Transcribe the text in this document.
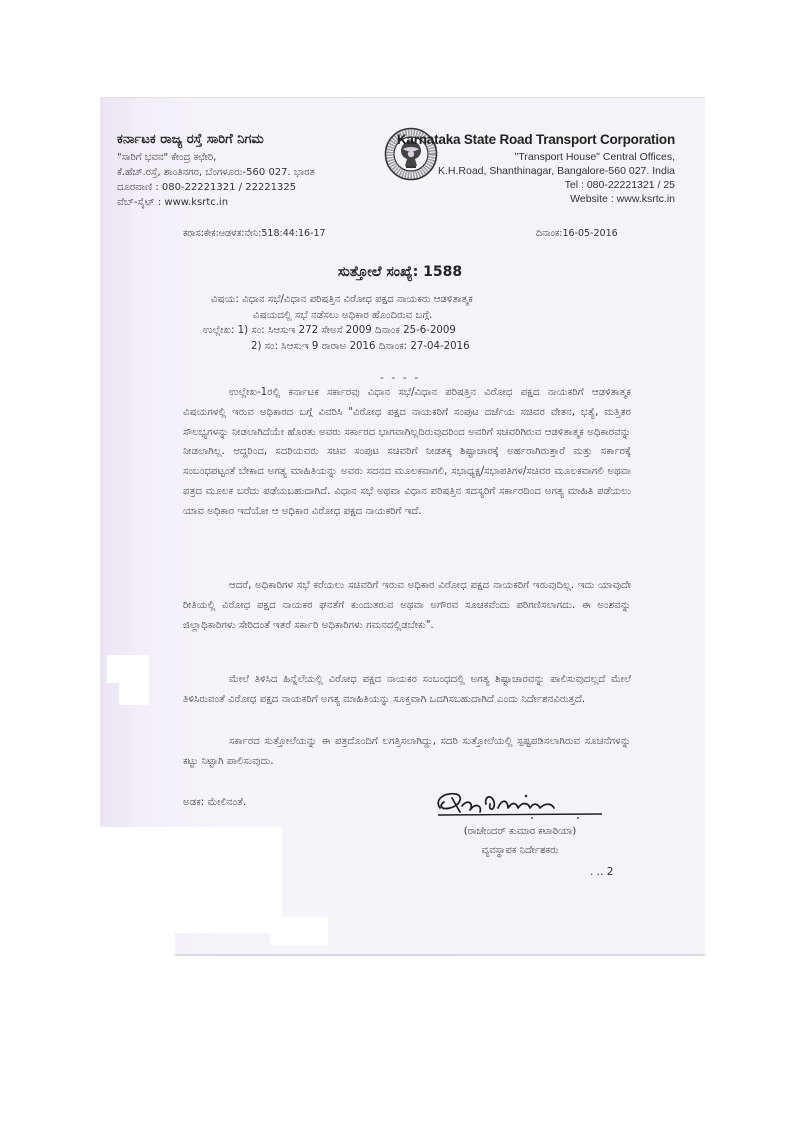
ಕರ್ನಾಟಕ ರಾಜ್ಯ ರಸ್ತೆ ಸಾರಿಗೆ ನಿಗಮ
"ಸಾರಿಗೆ ಭವನ" ಕೇಂದ್ರ ಕಛೇರಿ,
ಕೆ.ಹೆಚ್.ರಸ್ತೆ, ಶಾಂತಿನಗರ, ಬೆಂಗಳೂರು-560 027. ಭಾರತ
ದೂರವಾಣಿ : 080-22221321 / 22221325
ವೆಬ್-ಸೈಟ್ : www.ksrtc.in
Karnataka State Road Transport Corporation
"Transport House" Central Offices,
K.H.Road, Shanthinagar, Bangalore-560 027. India
Tel : 080-22221321 / 25
Website : www.ksrtc.in
ಕರಾಸ:ಕೇಕ:ಆಡಳತ:ನೇನಿ:518:44:16-17	ದಿನಾಂಕ:16-05-2016
ಸುತ್ತೋಲೆ ಸಂಖ್ಯೆ: 1588
ವಿಷಯ: ವಿಧಾನ ಸಭೆ/ವಿಧಾನ ಪರಿಷತ್ತಿನ ವಿರೋಧ ಪಕ್ಷದ ನಾಯಕರು ಆಡಳಿತಾತ್ಮಕ
ವಿಷಯದಲ್ಲಿ ಸಭೆ ನಡೆಸಲು ಅಧಿಕಾರ ಹೊಂದಿರುವ ಬಗ್ಗೆ.
ಉಲ್ಲೇಖ: 1) ಸಂ: ಸಿಆಸುಇ 272 ಸೇಅಸೆ 2009 ದಿನಾಂಕ 25-6-2009
2) ಸಂ: ಸಿಆಸುಇ 9 ರಾರಾಅ 2016 ದಿನಾಂಕ: 27-04-2016
- - - -
ಉಲ್ಲೇಖ-1ರಲ್ಲಿ ಕರ್ನಾಟಕ ಸರ್ಕಾರವು ವಿಧಾನ ಸಭೆ/ವಿಧಾನ ಪರಿಷತ್ತಿನ ವಿರೋಧ ಪಕ್ಷದ ನಾಯಕರಿಗೆ ಆಡಳಿತಾತ್ಮಕ ವಿಷಯಗಳಲ್ಲಿ ಇರುವ ಅಧಿಕಾರದ ಬಗ್ಗೆ ವಿವರಿಸಿ "ವಿರೋಧ ಪಕ್ಷದ ನಾಯಕರಿಗೆ ಸಂಪುಟ ದರ್ಜೆಯ ಸಚಿವರ ವೇತನ, ಭತ್ಯೆ, ಮತ್ತಿತರ ಸೌಲಭ್ಯಗಳನ್ನು ನೀಡಲಾಗಿದೆಯೇ ಹೊರತು ಅವರು ಸರ್ಕಾರದ ಭಾಗವಾಗಿಲ್ಲದಿರುವುದರಿಂದ ಅವರಿಗೆ ಸಚಿವರಿಗಿರುವ ಆಡಳಿತಾತ್ಮಕ ಅಧಿಕಾರವನ್ನು ನೀಡಲಾಗಿಲ್ಲ. ಆದ್ದರಿಂದ, ಸದರಿಯವರು ಸಚಿವ ಸಂಪುಟ ಸಚಿವರಿಗೆ ನೀಡತಕ್ಕ ಶಿಷ್ಟಾಚಾರಕ್ಕೆ ಅರ್ಹರಾಗಿರುತ್ತಾರೆ ಮತ್ತು ಸರ್ಕಾರಕ್ಕೆ ಸಂಬಂಧಪಟ್ಟಂತೆ ಬೇಕಾದ ಅಗತ್ಯ ಮಾಹಿತಿಯನ್ನು ಅವರು ಸದನದ ಮೂಲಕವಾಗಲಿ, ಸಭಾಧ್ಯಕ್ಷ/ಸಭಾಪತಿಗಳ/ಸಚಿವರ ಮೂಲಕವಾಗಲಿ ಅಥವಾ ಪತ್ರದ ಮೂಲಕ ಬರೆದು ಪಡೆಯಬಹುದಾಗಿದೆ. ವಿಧಾನ ಸಭೆ ಅಥವಾ ವಿಧಾನ ಪರಿಷತ್ತಿನ ಸದಸ್ಯರಿಗೆ ಸರ್ಕಾರದಿಂದ ಅಗತ್ಯ ಮಾಹಿತಿ ಪಡೆಯಲು ಯಾವ ಅಧಿಕಾರ ಇದೆಯೋ ಆ ಅಧಿಕಾರ ವಿರೋಧ ಪಕ್ಷದ ನಾಯಕರಿಗೆ ಇದೆ.
ಆದರೆ, ಅಧಿಕಾರಿಗಳ ಸಭೆ ಕರೆಯಲು ಸಚಿವರಿಗೆ ಇರುವ ಅಧಿಕಾರ ವಿರೋಧ ಪಕ್ಷದ ನಾಯಕರಿಗೆ ಇರುವುದಿಲ್ಲ. ಇದು ಯಾವುದೇ ರೀತಿಯಲ್ಲಿ ವಿರೋಧ ಪಕ್ಷದ ನಾಯಕರ ಘನತೆಗೆ ಕುಂದುತರುವ ಅಥವಾ ಅಗೌರವ ಸೂಚಕವೆಂದು ಪರಿಗಣಿಸಲಾಗದು. ಈ ಅಂಶವನ್ನು ಜಿಲ್ಲಾಧಿಕಾರಿಗಳು ಸೇರಿದಂತೆ ಇತರೆ ಸರ್ಕಾರಿ ಅಧಿಕಾರಿಗಳು ಗಮನದಲ್ಲಿಡಬೇಕು".
ಮೇಲೆ ತಿಳಿಸಿದ ಹಿನ್ನೆಲೆಯಲ್ಲಿ ವಿರೋಧ ಪಕ್ಷದ ನಾಯಕರ ಸಂಬಂಧದಲ್ಲಿ ಅಗತ್ಯ ಶಿಷ್ಟಾಚಾರವನ್ನು ಪಾಲಿಸುವುದಲ್ಲದೆ ಮೇಲೆ ತಿಳಿಸಿರುವಂತೆ ವಿರೋಧ ಪಕ್ಷದ ನಾಯಕರಿಗೆ ಅಗತ್ಯ ಮಾಹಿತಿಯನ್ನು ಸೂಕ್ತವಾಗಿ ಒದಗಿಸಬಹುದಾಗಿದೆ ಎಂದು ನಿರ್ದೇಶನವಿರುತ್ತದೆ.
ಸರ್ಕಾರದ ಸುತ್ತೋಲೆಯನ್ನು ಈ ಪತ್ರದೊಂದಿಗೆ ಲಗತ್ತಿಸಲಾಗಿದ್ದು, ಸದರಿ ಸುತ್ತೋಲೆಯಲ್ಲಿ ಸ್ಪಷ್ಟಪಡಿಸಲಾಗಿರುವ ಸೂಚನೆಗಳನ್ನು ಕಟ್ಟು ನಿಟ್ಟಾಗಿ ಪಾಲಿಸುವುದು.
ಅಡಕ: ಮೇಲಿನಂತೆ.
(ರಾಜೇಂದರ್ ಕುಮಾರ ಕಟಾರಿಯಾ)
ವ್ಯವಸ್ಥಾಪಕ ನಿರ್ದೇಶಕರು
. .. 2
